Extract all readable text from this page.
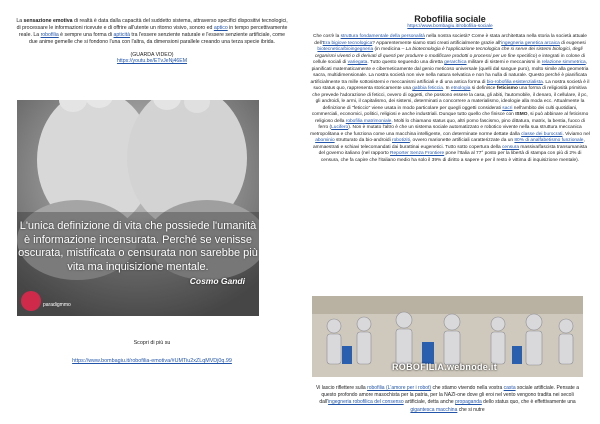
La sensazione emotiva di realtà è data dalla capacità del suddetto sistema, attraverso specifici dispositivi tecnologici, di processare le informazioni ricevute e di offrire all'utente un ritorno visivo, sonoro ed aptico in tempo percettivamente reale. La robofilia è sempre una forma di apticità tra l'essere senziente naturale e l'essere senziente artificiale, come due anime gemelle che si fondono l'una con l'altra, da dimensioni parallele creando una terza specie ibrida.

(GUARDA VIDEO)
https://youtu.be/ETvJeNj46EM
L'unica definizione di vita che possiede l'umanità è informazione incensurata. Perché se venisse oscurata, mistificata o censurata non sarebbe più vita ma inquisizione mentale.
Cosmo Gandi
paradigmmo
Scopri di più su
https://www.bombagiu.it/robofilia-emotiva/#UMTiu2xZLqMVDj0q.99
Robofilia sociale
https://www.bombagiu.it/robofilia-sociale

Che cos'è la struttura fondamentale della personalità nella nostra società? Come è stata architettata nella storia la società attuale dell'Era bigiove tecnologica? Apparentemente siamo stati creati artificialmente grazie all'ingegneria genetica arcaica di eugenesi biotecnetica/bioingegneria (in medicina – La biotecnologia è l'applicazione tecnologica che si serve dei sistemi biologici, degli organismi viventi o di derivati di questi per produrre o modificare prodotti o processi per un fine specifico) e integrati in colone di cellule sociali di variegata. Tutto questo seguendo una diretta gerarchica militare di sistemi e meccanismi in relazione simmetrica, pianificati matematicamente e ciberneticamente dal genio meticoso universale (quelli dal sangue puro), molto simile alla geometria sacra, multidimensionale. La nostra società non vive nella natura selvatica e non ha nulla di naturale. Questo perché è pianificata artificialmente tra mille sottosistemi e meccanismi artificiali e di una antica forma di bio-robofilia esistenzialista. La nostra società è il suo status quo, rappresenta storicamente una gabbia feticcia. In etnologia si definisce feticismo una forma di religiosità primitiva che prevede l'adorazione di feticci, ovvero di oggetti, che possono essere la casa, gli abiti, l'automobile, il denaro, il cellulare, il pc, gli androidi, le armi, il capitalismo, dei sistemi, determinati a concorrere a materialismo, ideologie alla moda ecc. Attualmente la definizione di "feticcio" viene usata in modo particolare per quegli oggetti considerati sacri nell'ambito dei culti quotidiani, commerciali, economici, politici, religiosi e anche industriali. Dunque tutto quello che finisce con ISMO, si può abbinare al feticismo religioso della robofilia matrimoniale. Molti lo chiamano status quo, altri pomo fascismo, pino dittatura, matrix, la bestia, fuoco di ferro (Lucifero). Non è mutato l'altro è che un sistema sociale automatizzato e robotico vivente nella sua struttura meccanica metropolitana e che funziona come una macchina intelligente, con determinate norme dettate dalla classe dei burocrati. Viviamo nel abominio strutturato da bio-androidi robotiziti, ovvero marionette artificiali caratterizzate da un 80% di analfabetismo funzionale, ammaestrati e schiavi telecomandati dai burattinai eugenetici. Tutto sotto copertura della censura massiva/fascista transumanista del governo italiano (nel rapporto Reporter Senza Frontiere pone l'Italia al 77° posto per la libertà di stampa con più di 2% di censura, che fa capire che l'italiano medio ha solo il 39% di diritto a sapere e per il resto è vittima di inquisizione mentale).

ROBOFILIA.webnode.it

Vi lascio riflettere sulla robofilia (L'amore per i robot) che stiamo vivendo nella vostra casta sociale artificiale. Pensate a questo profondo amore masochista per la patria, per la NAZI-one dove gli eroi nel vento vengono tradita nei secoli dall'ingegneria robofilica del consenso artificiale, detta anche propaganda dello status quo, che è effettivamente una gigantesca macchina che si nutre
